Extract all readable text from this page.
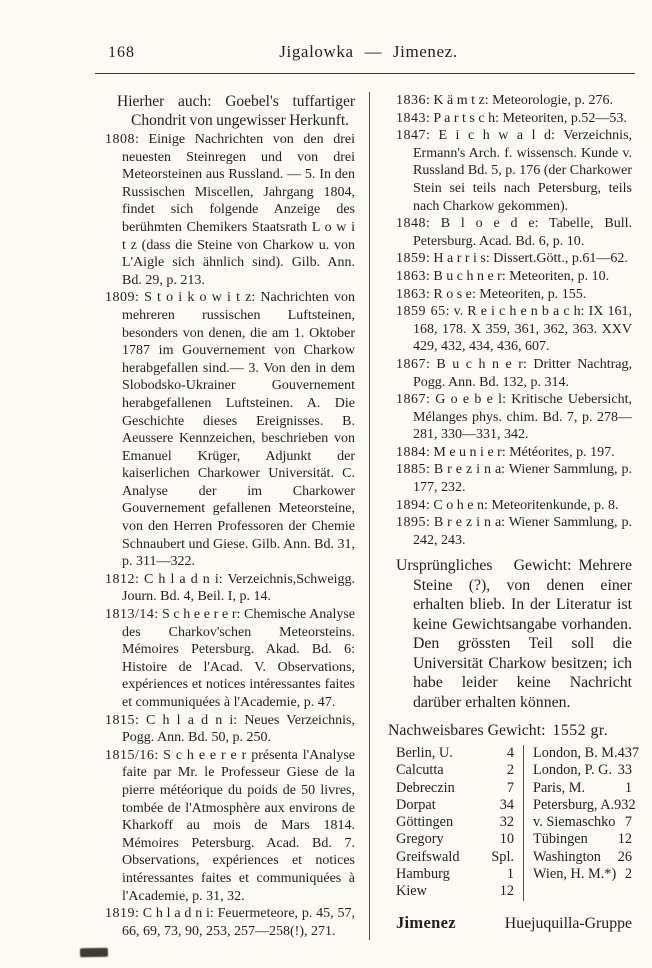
168	Jigalowka — Jimenez.

Hierher auch: Goebel's tuffartiger Chondrit von ungewisser Herkunft.

1808: Einige Nachrichten von den drei neuesten Steinregen und von drei Meteorsteinen aus Russland. — 5. In den Russischen Miscellen, Jahrgang 1804, findet sich folgende Anzeige des berühmten Chemikers Staatsrath L o w i t z (dass die Steine von Charkow u. von L'Aigle sich ähnlich sind). Gilb. Ann. Bd. 29, p. 213.

1809: S t o i k o w i t z: Nachrichten von mehreren russischen Luftsteinen, besonders von denen, die am 1. Oktober 1787 im Gouvernement von Charkow herabgefallen sind.— 3. Von den in dem Slobodsko-Ukrainer Gouvernement herabgefallenen Luftsteinen. A. Die Geschichte dieses Ereignisses. B. Aeussere Kennzeichen, beschrieben von Emanuel Krüger, Adjunkt der kaiserlichen Charkower Universität. C. Analyse der im Charkower Gouvernement gefallenen Meteorsteine, von den Herren Professoren der Chemie Schnaubert und Giese. Gilb. Ann. Bd. 31, p. 311—322.

1812: C h l a d n i: Verzeichnis,Schweigg. Journ. Bd. 4, Beil. I, p. 14.

1813/14: S c h e e r e r: Chemische Analyse des Charkov'schen Meteorsteins. Mémoires Petersburg. Akad. Bd. 6: Histoire de l'Acad. V. Observations, expériences et notices intéressantes faites et communiquées à l'Academie, p. 47.

1815: C h l a d n i: Neues Verzeichnis, Pogg. Ann. Bd. 50, p. 250.

1815/16: S c h e e r e r présenta l'Analyse faite par Mr. le Professeur Giese de la pierre météorique du poids de 50 livres, tombée de l'Atmosphère aux environs de Kharkoff au mois de Mars 1814. Mémoires Petersburg. Acad. Bd. 7. Observations, expériences et notices intéressantes faites et communiquées à l'Academie, p. 31, 32.

1819: C h l a d n i: Feuermeteore, p. 45, 57, 66, 69, 73, 90, 253, 257—258(!), 271.

1836: K ä m t z: Meteorologie, p. 276.

1843: P a r t s c h: Meteoriten, p.52—53.

1847: E i c h w a l d: Verzeichnis, Ermann's Arch. f. wissensch. Kunde v. Russland Bd. 5, p. 176 (der Charkower Stein sei teils nach Petersburg, teils nach Charkow gekommen).

1848: B l o e d e: Tabelle, Bull. Petersburg. Acad. Bd. 6, p. 10.

1859: H a r r i s: Dissert.Gött., p.61—62.

1863: B u c h n e r: Meteoriten, p. 10.

1863: R o s e: Meteoriten, p. 155.

1859 65: v. R e i c h e n b a c h: IX 161, 168, 178. X 359, 361, 362, 363. XXV 429, 432, 434, 436, 607.

1867: B u c h n e r: Dritter Nachtrag, Pogg. Ann. Bd. 132, p. 314.

1867: G o e b e l: Kritische Uebersicht, Mélanges phys. chim. Bd. 7, p. 278—281, 330—331, 342.

1884: M e u n i e r: Météorites, p. 197.

1885: B r e z i n a: Wiener Sammlung, p. 177, 232.

1894: C o h e n: Meteoritenkunde, p. 8.

1895: B r e z i n a: Wiener Sammlung, p. 242, 243.

Ursprüngliches Gewicht: Mehrere Steine (?), von denen einer erhalten blieb. In der Literatur ist keine Gewichtsangabe vorhanden. Den grössten Teil soll die Universität Charkow besitzen; ich habe leider keine Nachricht darüber erhalten können.

Nachweisbares Gewicht: 1552 gr.

Berlin, U.	4
Calcutta	2
Debreczin	7
Dorpat	34
Göttingen	32
Gregory	10
Greifswald Spl.
Hamburg	1
Kiew	12
London, B. M. 437
London, P. G. 33
Paris, M.	1
Petersburg, A. 932
v. Siemaschko 7
Tübingen 12
Washington 26
Wien, H. M.*) 2
Jimenez	Huejuquilla-Gruppe
